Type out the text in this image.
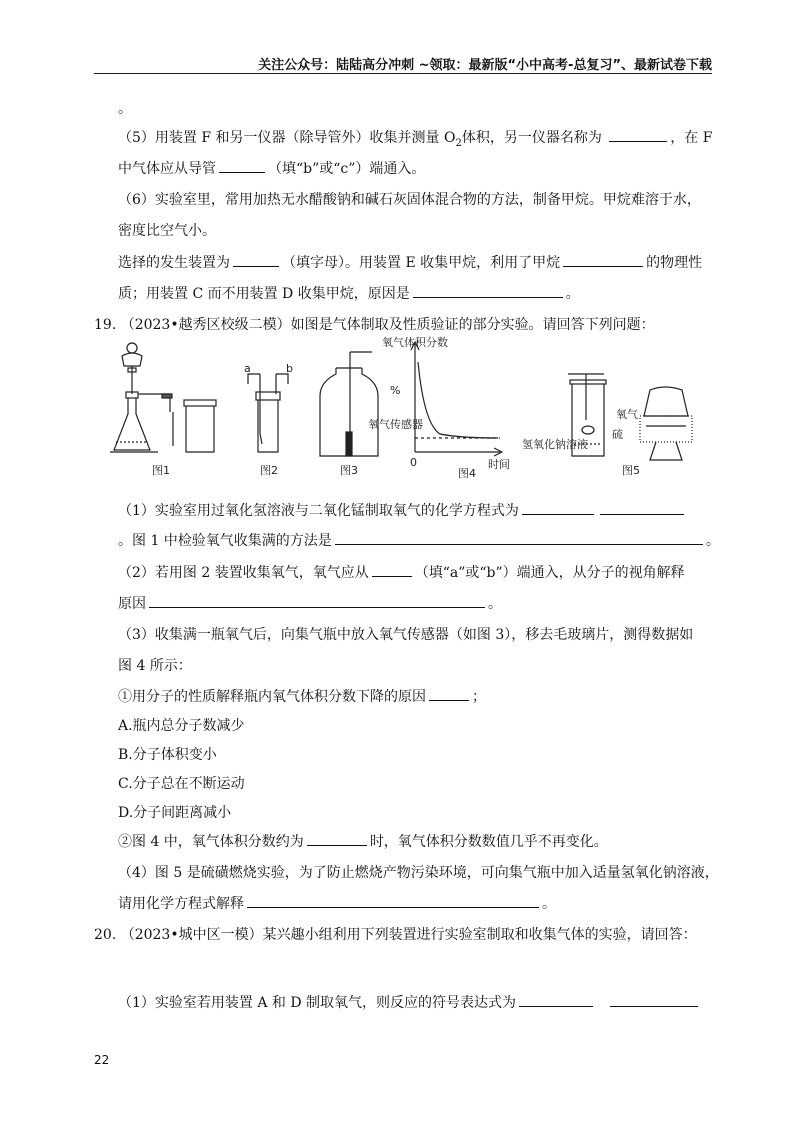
关注公众号：陆陆高分冲刺 ~领取：最新版“小中高考-总复习”、最新试卷下载
。
（5）用装置 F 和另一仪器（除导管外）收集并测量 $O_2$体积，另一仪器名称为	，在 F
中气体应从导管	（填“b”或“c”）端通入。
（6）实验室里，常用加热无水醋酸钠和碱石灰固体混合物的方法，制备甲烷。甲烷难溶于水，
密度比空气小。
选择的发生装置为	（填字母）。用装置 E 收集甲烷，利用了甲烷	的物理性
质；用装置 C 而不用装置 D 收集甲烷，原因是	。
19. （2023•越秀区校级二模）如图是气体制取及性质验证的部分实验。请回答下列问题：
图1	图2
a	b
图3
氧气传感器
图4
氧气体积分数
%
0	时间	图5
氧气
硫
氢氧化钠溶液
（1）实验室用过氧化氢溶液与二氧化锰制取氧气的化学方程式为
。图 1 中检验氧气收集满的方法是	。
（2）若用图 2 装置收集氧气，氧气应从	（填“a”或“b”）端通入，从分子的视角解释
原因	。
（3）收集满一瓶氧气后，向集气瓶中放入氧气传感器（如图 3），移去毛玻璃片，测得数据如
图 4 所示：
①用分子的性质解释瓶内氧气体积分数下降的原因	；
A.瓶内总分子数减少
B.分子体积变小
C.分子总在不断运动
D.分子间距离减小
②图 4 中，氧气体积分数约为	时，氧气体积分数数值几乎不再变化。
（4）图 5 是硫磺燃烧实验，为了防止燃烧产物污染环境，可向集气瓶中加入适量氢氧化钠溶液，
请用化学方程式解释	。
20. （2023•城中区一模）某兴趣小组利用下列装置进行实验室制取和收集气体的实验，请回答：
（1）实验室若用装置 A 和 D 制取氧气，则反应的符号表达式为
22
